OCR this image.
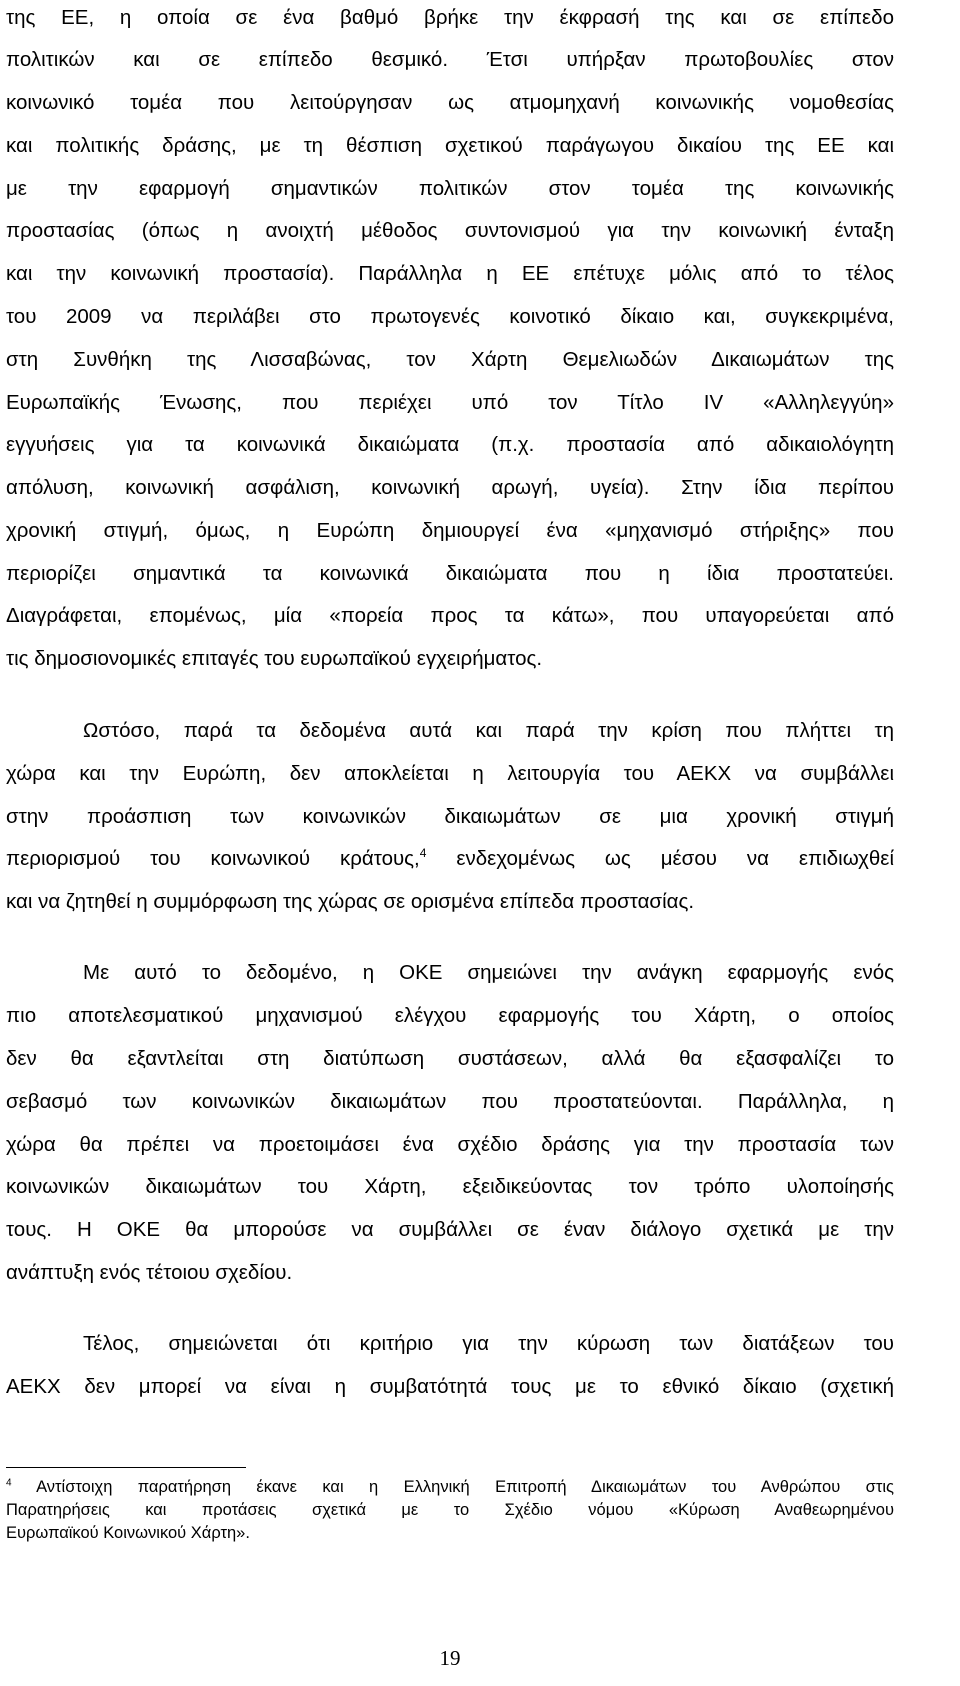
της ΕΕ, η οποία σε ένα βαθμό βρήκε την έκφρασή της και σε επίπεδο

πολιτικών και σε επίπεδο θεσμικό. Έτσι υπήρξαν πρωτοβουλίες στον

κοινωνικό τομέα που λειτούργησαν ως ατμομηχανή κοινωνικής νομοθεσίας

και πολιτικής δράσης, με τη θέσπιση σχετικού παράγωγου δικαίου της ΕΕ και

με την εφαρμογή σημαντικών πολιτικών στον τομέα της κοινωνικής

προστασίας (όπως η ανοιχτή μέθοδος συντονισμού για την κοινωνική ένταξη

και την κοινωνική προστασία). Παράλληλα η ΕΕ επέτυχε μόλις από το τέλος

του 2009 να περιλάβει στο πρωτογενές κοινοτικό δίκαιο και, συγκεκριμένα,

στη Συνθήκη της Λισσαβώνας, τον Χάρτη Θεμελιωδών Δικαιωμάτων της

Ευρωπαϊκής Ένωσης, που περιέχει υπό τον Τίτλο IV «Αλληλεγγύη»

εγγυήσεις για τα κοινωνικά δικαιώματα (π.χ. προστασία από αδικαιολόγητη

απόλυση, κοινωνική ασφάλιση, κοινωνική αρωγή, υγεία). Στην ίδια περίπου

χρονική στιγμή, όμως, η Ευρώπη δημιουργεί ένα «μηχανισμό στήριξης» που

περιορίζει σημαντικά τα κοινωνικά δικαιώματα που η ίδια προστατεύει.

Διαγράφεται, επομένως, μία «πορεία προς τα κάτω», που υπαγορεύεται από

τις δημοσιονομικές επιταγές του ευρωπαϊκού εγχειρήματος.

Ωστόσο, παρά τα δεδομένα αυτά και παρά την κρίση που πλήττει τη

χώρα και την Ευρώπη, δεν αποκλείεται η λειτουργία του ΑΕΚΧ να συμβάλλει

στην προάσπιση των κοινωνικών δικαιωμάτων σε μια χρονική στιγμή

περιορισμού του κοινωνικού κράτους,$^4$ ενδεχομένως ως μέσου να επιδιωχθεί

και να ζητηθεί η συμμόρφωση της χώρας σε ορισμένα επίπεδα προστασίας.

Με αυτό το δεδομένο, η ΟΚΕ σημειώνει την ανάγκη εφαρμογής ενός

πιο αποτελεσματικού μηχανισμού ελέγχου εφαρμογής του Χάρτη, ο οποίος

δεν θα εξαντλείται στη διατύπωση συστάσεων, αλλά θα εξασφαλίζει το

σεβασμό των κοινωνικών δικαιωμάτων που προστατεύονται. Παράλληλα, η

χώρα θα πρέπει να προετοιμάσει ένα σχέδιο δράσης για την προστασία των

κοινωνικών δικαιωμάτων του Χάρτη, εξειδικεύοντας τον τρόπο υλοποίησής

τους. Η ΟΚΕ θα μπορούσε να συμβάλλει σε έναν διάλογο σχετικά με την

ανάπτυξη ενός τέτοιου σχεδίου.

Τέλος, σημειώνεται ότι κριτήριο για την κύρωση των διατάξεων του

ΑΕΚΧ δεν μπορεί να είναι η συμβατότητά τους με το εθνικό δίκαιο (σχετική

$^4$ Αντίστοιχη παρατήρηση έκανε και η Ελληνική Επιτροπή Δικαιωμάτων του Ανθρώπου στις

Παρατηρήσεις και προτάσεις σχετικά με το Σχέδιο νόμου «Κύρωση Αναθεωρημένου

Ευρωπαϊκού Κοινωνικού Χάρτη».

19
